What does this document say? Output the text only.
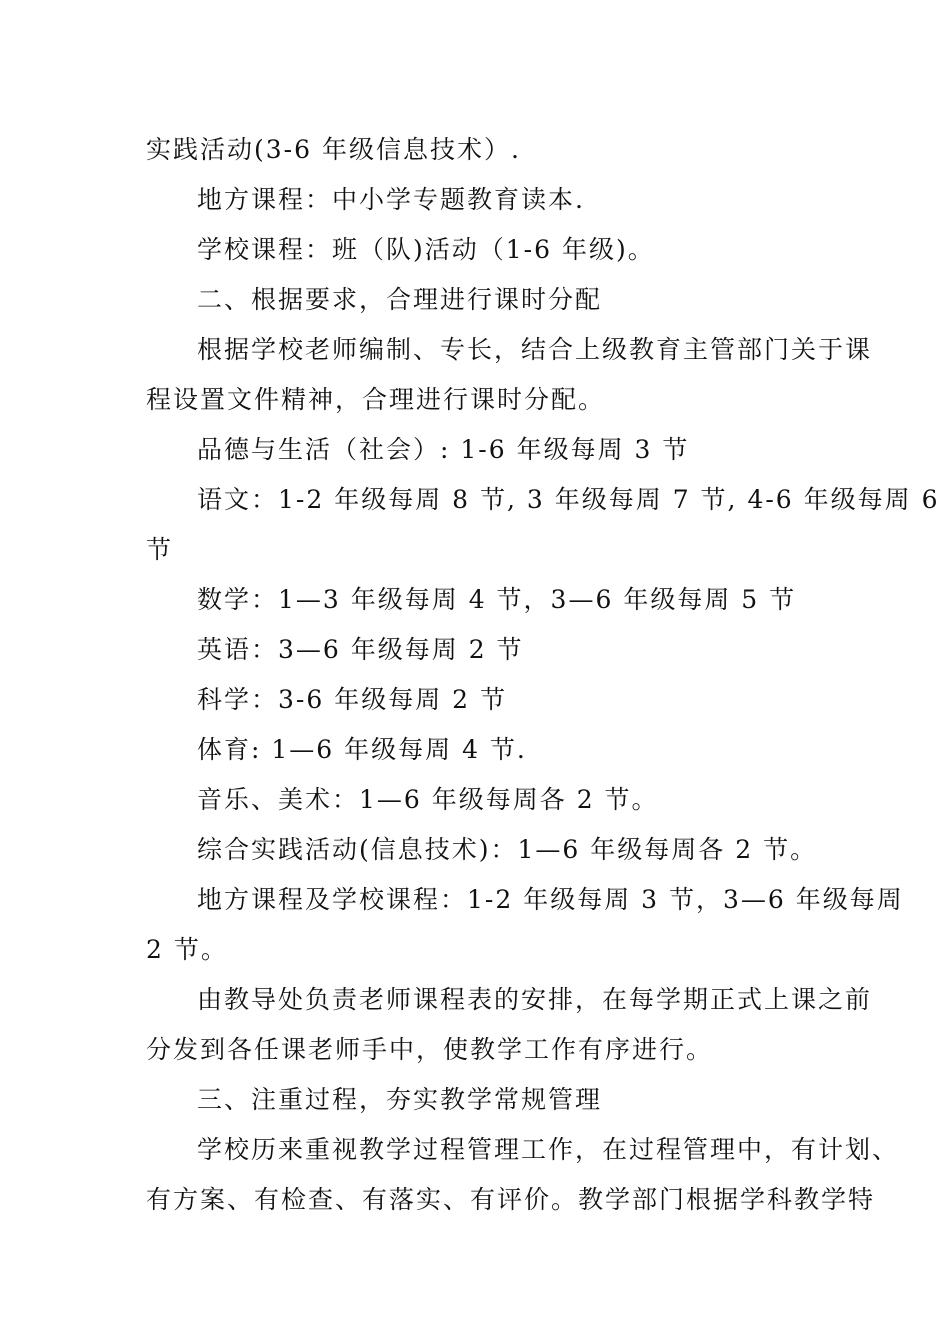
实践活动(3-6 年级信息技术）.
地方课程：中小学专题教育读本.
学校课程：班（队)活动（1-6 年级)。
二、根据要求，合理进行课时分配
根据学校老师编制、专长，结合上级教育主管部门关于课
程设置文件精神，合理进行课时分配。
品德与生活（社会）: 1-6 年级每周 3 节
语文：1-2 年级每周 8 节, 3 年级每周 7 节, 4-6 年级每周 6
节
数学：1—3 年级每周 4 节，3—6 年级每周 5 节
英语：3—6 年级每周 2 节
科学：3-6 年级每周 2 节
体育: 1—6 年级每周 4 节.
音乐、美术：1—6 年级每周各 2 节。
综合实践活动(信息技术)：1—6 年级每周各 2 节。
地方课程及学校课程：1-2 年级每周 3 节，3—6 年级每周
2 节。
由教导处负责老师课程表的安排，在每学期正式上课之前
分发到各任课老师手中，使教学工作有序进行。
三、注重过程，夯实教学常规管理
学校历来重视教学过程管理工作，在过程管理中，有计划、
有方案、有检查、有落实、有评价。教学部门根据学科教学特
